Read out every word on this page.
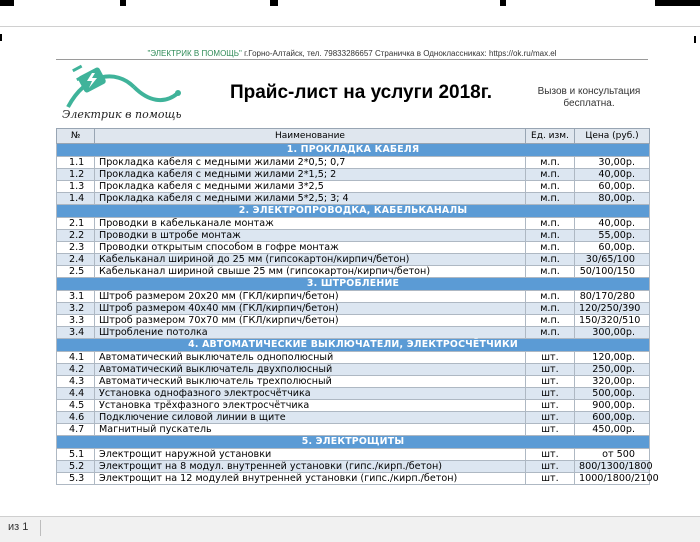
"ЭЛЕКТРИК В ПОМОЩЬ" г.Горно-Алтайск, тел. 79833286657 Страничка в Одноклассниках: https://ok.ru/max.el
Электрик в помощь
Прайс-лист на услуги 2018г.	Вызов и консультация бесплатна.
№	Наименование	Ед. изм.	Цена (руб.)
1. ПРОКЛАДКА КАБЕЛЯ			
1.1	Прокладка кабеля с медными жилами 2*0,5; 0,7	м.п.	30,00р.
1.2	Прокладка кабеля с медными жилами 2*1,5; 2	м.п.	40,00р.
1.3	Прокладка кабеля с медными жилами 3*2,5	м.п.	60,00р.
1.4	Прокладка кабеля с медными жилами 5*2,5; 3; 4	м.п.	80,00р.
2. ЭЛЕКТРОПРОВОДКА, КАБЕЛЬКАНАЛЫ			
2.1	Проводки в кабельканале монтаж	м.п.	40,00р.
2.2	Проводки в штробе монтаж	м.п.	55,00р.
2.3	Проводки открытым способом в гофре монтаж	м.п.	60,00р.
2.4	Кабельканал шириной до 25 мм (гипсокартон/кирпич/бетон)	м.п.	30/65/100
2.5	Кабельканал шириной свыше 25 мм (гипсокартон/кирпич/бетон)	м.п.	50/100/150
3. ШТРОБЛЕНИЕ			
3.1	Штроб размером 20х20 мм (ГКЛ/кирпич/бетон)	м.п.	80/170/280
3.2	Штроб размером 40х40 мм (ГКЛ/кирпич/бетон)	м.п.	120/250/390
3.3	Штроб размером 70х70 мм (ГКЛ/кирпич/бетон)	м.п.	150/320/510
3.4	Штробление потолка	м.п.	300,00р.
4. АВТОМАТИЧЕСКИЕ ВЫКЛЮЧАТЕЛИ, ЭЛЕКТРОСЧЁТЧИКИ			
4.1	Автоматический выключатель однополюсный	шт.	120,00р.
4.2	Автоматический выключатель двухполюсный	шт.	250,00р.
4.3	Автоматический выключатель трехполюсный	шт.	320,00р.
4.4	Установка однофазного электросчётчика	шт.	500,00р.
4.5	Установка трёхфазного электросчётчика	шт.	900,00р.
4.6	Подключение силовой линии в щите	шт.	600,00р.
4.7	Магнитный пускатель	шт.	450,00р.
5. ЭЛЕКТРОЩИТЫ			
5.1	Электрощит наружной установки	шт.	от 500
5.2	Электрощит на 8 модул. внутренней установки (гипс./кирп./бетон)	шт.	800/1300/1800
5.3	Электрощит на 12 модулей внутренней установки (гипс./кирп./бетон)	шт.	1000/1800/2100
из 1
